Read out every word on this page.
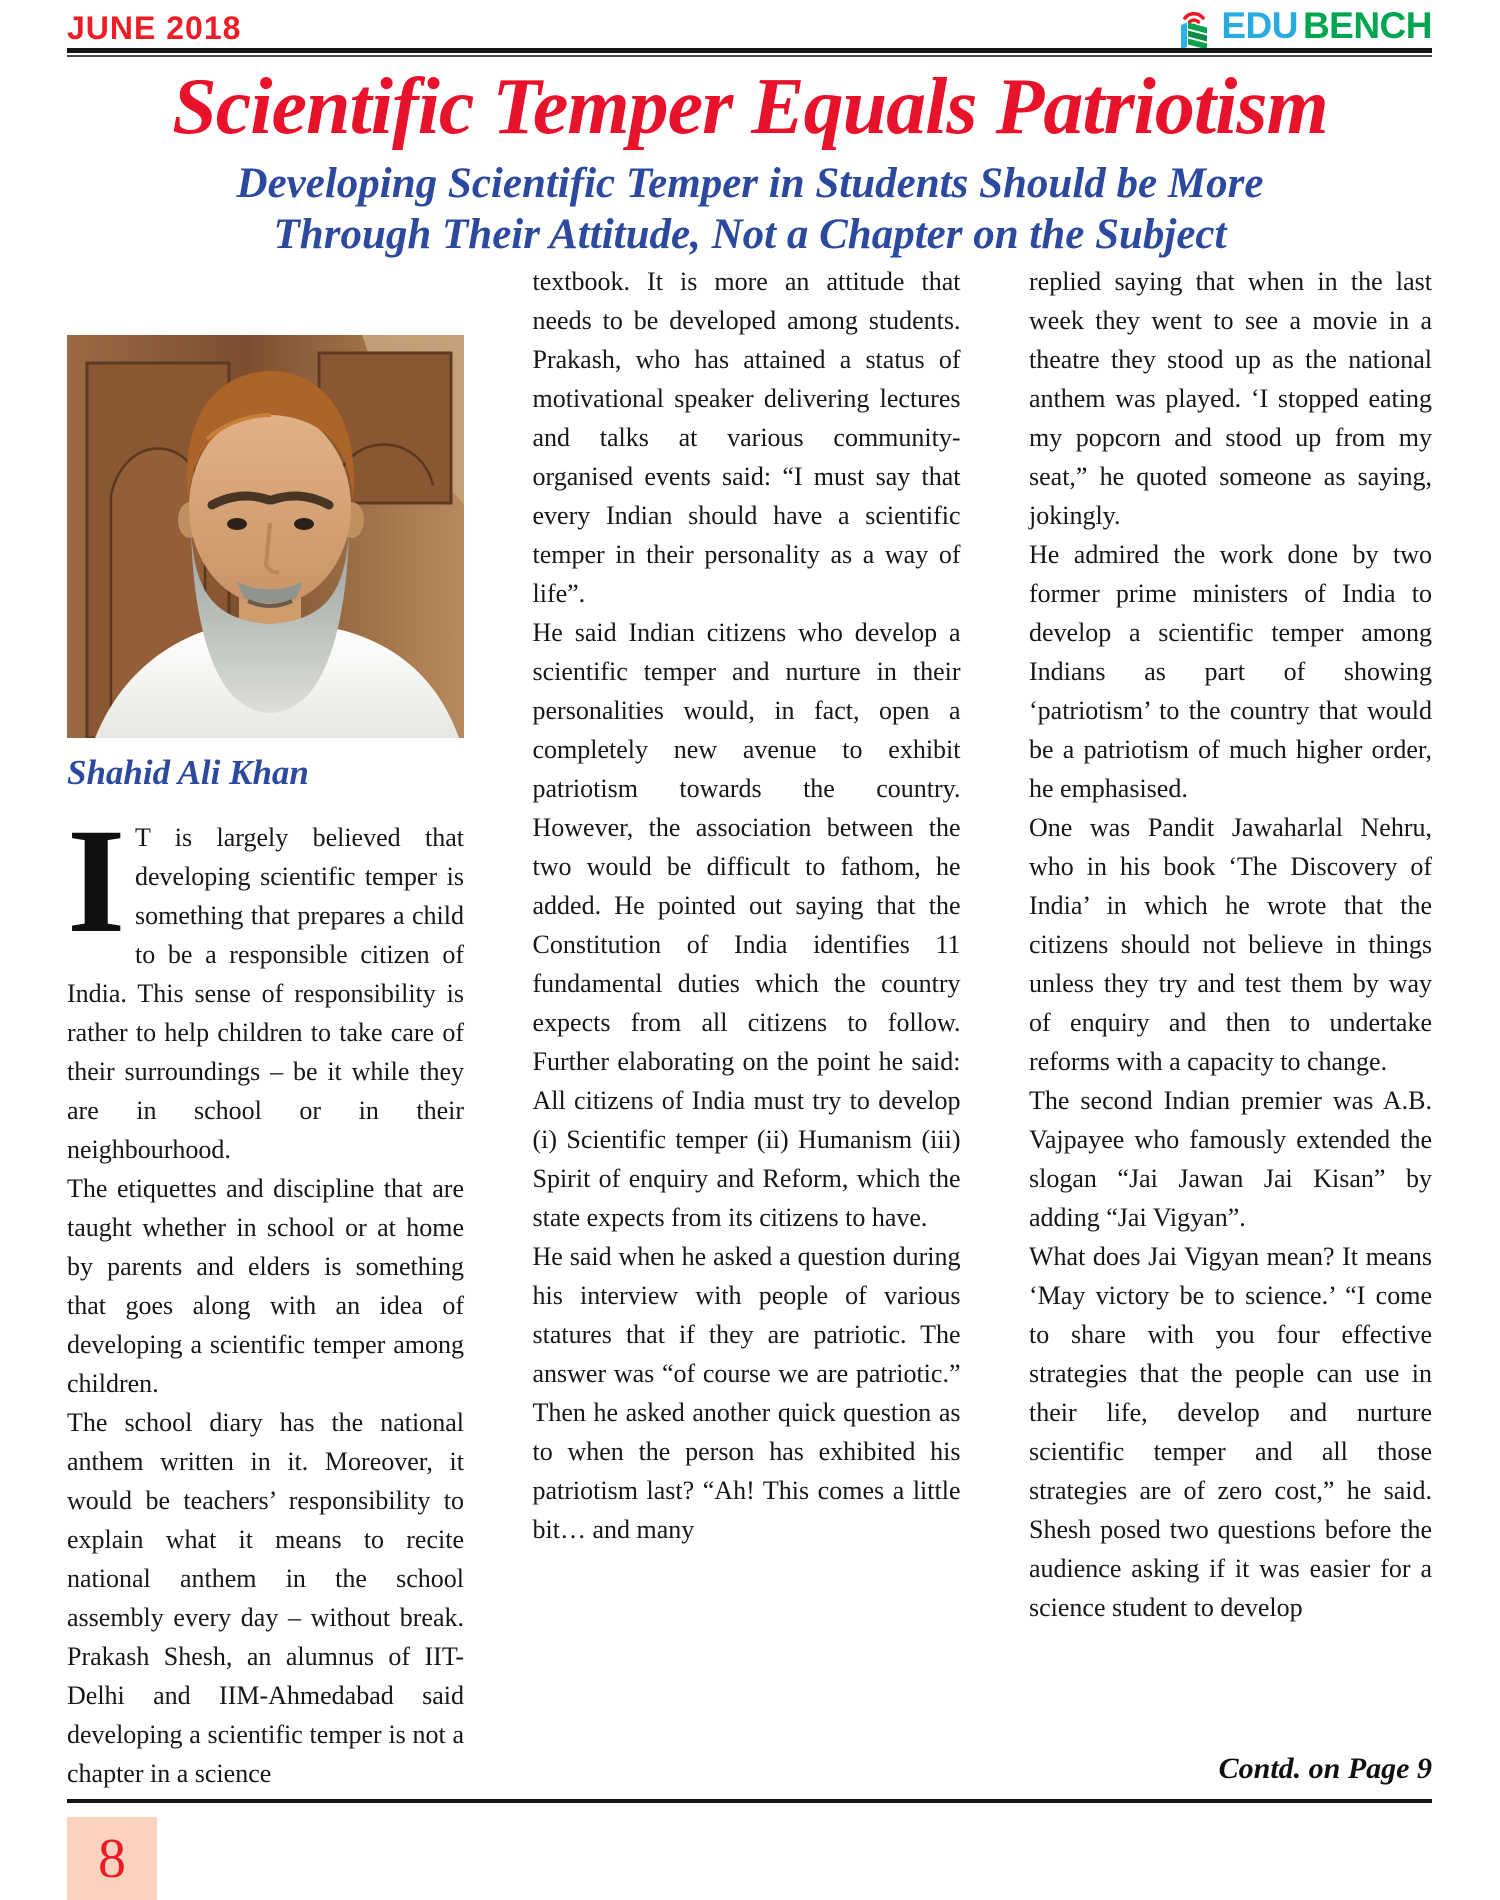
JUNE 2018	EDU BENCH
Scientific Temper Equals Patriotism
Developing Scientific Temper in Students Should be More
Through Their Attitude, Not a Chapter on the Subject
Shahid Ali Khan

I T is largely believed that developing scientific temper is something that prepares a child to be a responsible citizen of India. This sense of responsibility is rather to help children to take care of their surroundings – be it while they are in school or in their neighbourhood.

The etiquettes and discipline that are taught whether in school or at home by parents and elders is something that goes along with an idea of developing a scientific temper among children.

The school diary has the national anthem written in it. Moreover, it would be teachers’ responsibility to explain what it means to recite national anthem in the school assembly every day – without break. Prakash Shesh, an alumnus of IIT-Delhi and IIM-Ahmedabad said developing a scientific temper is not a chapter in a science

textbook. It is more an attitude that needs to be developed among students. Prakash, who has attained a status of motivational speaker delivering lectures and talks at various community-organised events said: “I must say that every Indian should have a scientific temper in their personality as a way of life”.

He said Indian citizens who develop a scientific temper and nurture in their personalities would, in fact, open a completely new avenue to exhibit patriotism towards the country. However, the association between the two would be difficult to fathom, he added. He pointed out saying that the Constitution of India identifies 11 fundamental duties which the country expects from all citizens to follow. Further elaborating on the point he said: All citizens of India must try to develop (i) Scientific temper (ii) Humanism (iii) Spirit of enquiry and Reform, which the state expects from its citizens to have.

He said when he asked a question during his interview with people of various statures that if they are patriotic. The answer was “of course we are patriotic.” Then he asked another quick question as to when the person has exhibited his patriotism last? “Ah! This comes a little bit… and many

replied saying that when in the last week they went to see a movie in a theatre they stood up as the national anthem was played. ‘I stopped eating my popcorn and stood up from my seat,” he quoted someone as saying, jokingly.

He admired the work done by two former prime ministers of India to develop a scientific temper among Indians as part of showing ‘patriotism’ to the country that would be a patriotism of much higher order, he emphasised.

One was Pandit Jawaharlal Nehru, who in his book ‘The Discovery of India’ in which he wrote that the citizens should not believe in things unless they try and test them by way of enquiry and then to undertake reforms with a capacity to change.

The second Indian premier was A.B. Vajpayee who famously extended the slogan “Jai Jawan Jai Kisan” by adding “Jai Vigyan”.

What does Jai Vigyan mean? It means ‘May victory be to science.’ “I come to share with you four effective strategies that the people can use in their life, develop and nurture scientific temper and all those strategies are of zero cost,” he said. Shesh posed two questions before the audience asking if it was easier for a science student to develop

Contd. on Page 9
8
